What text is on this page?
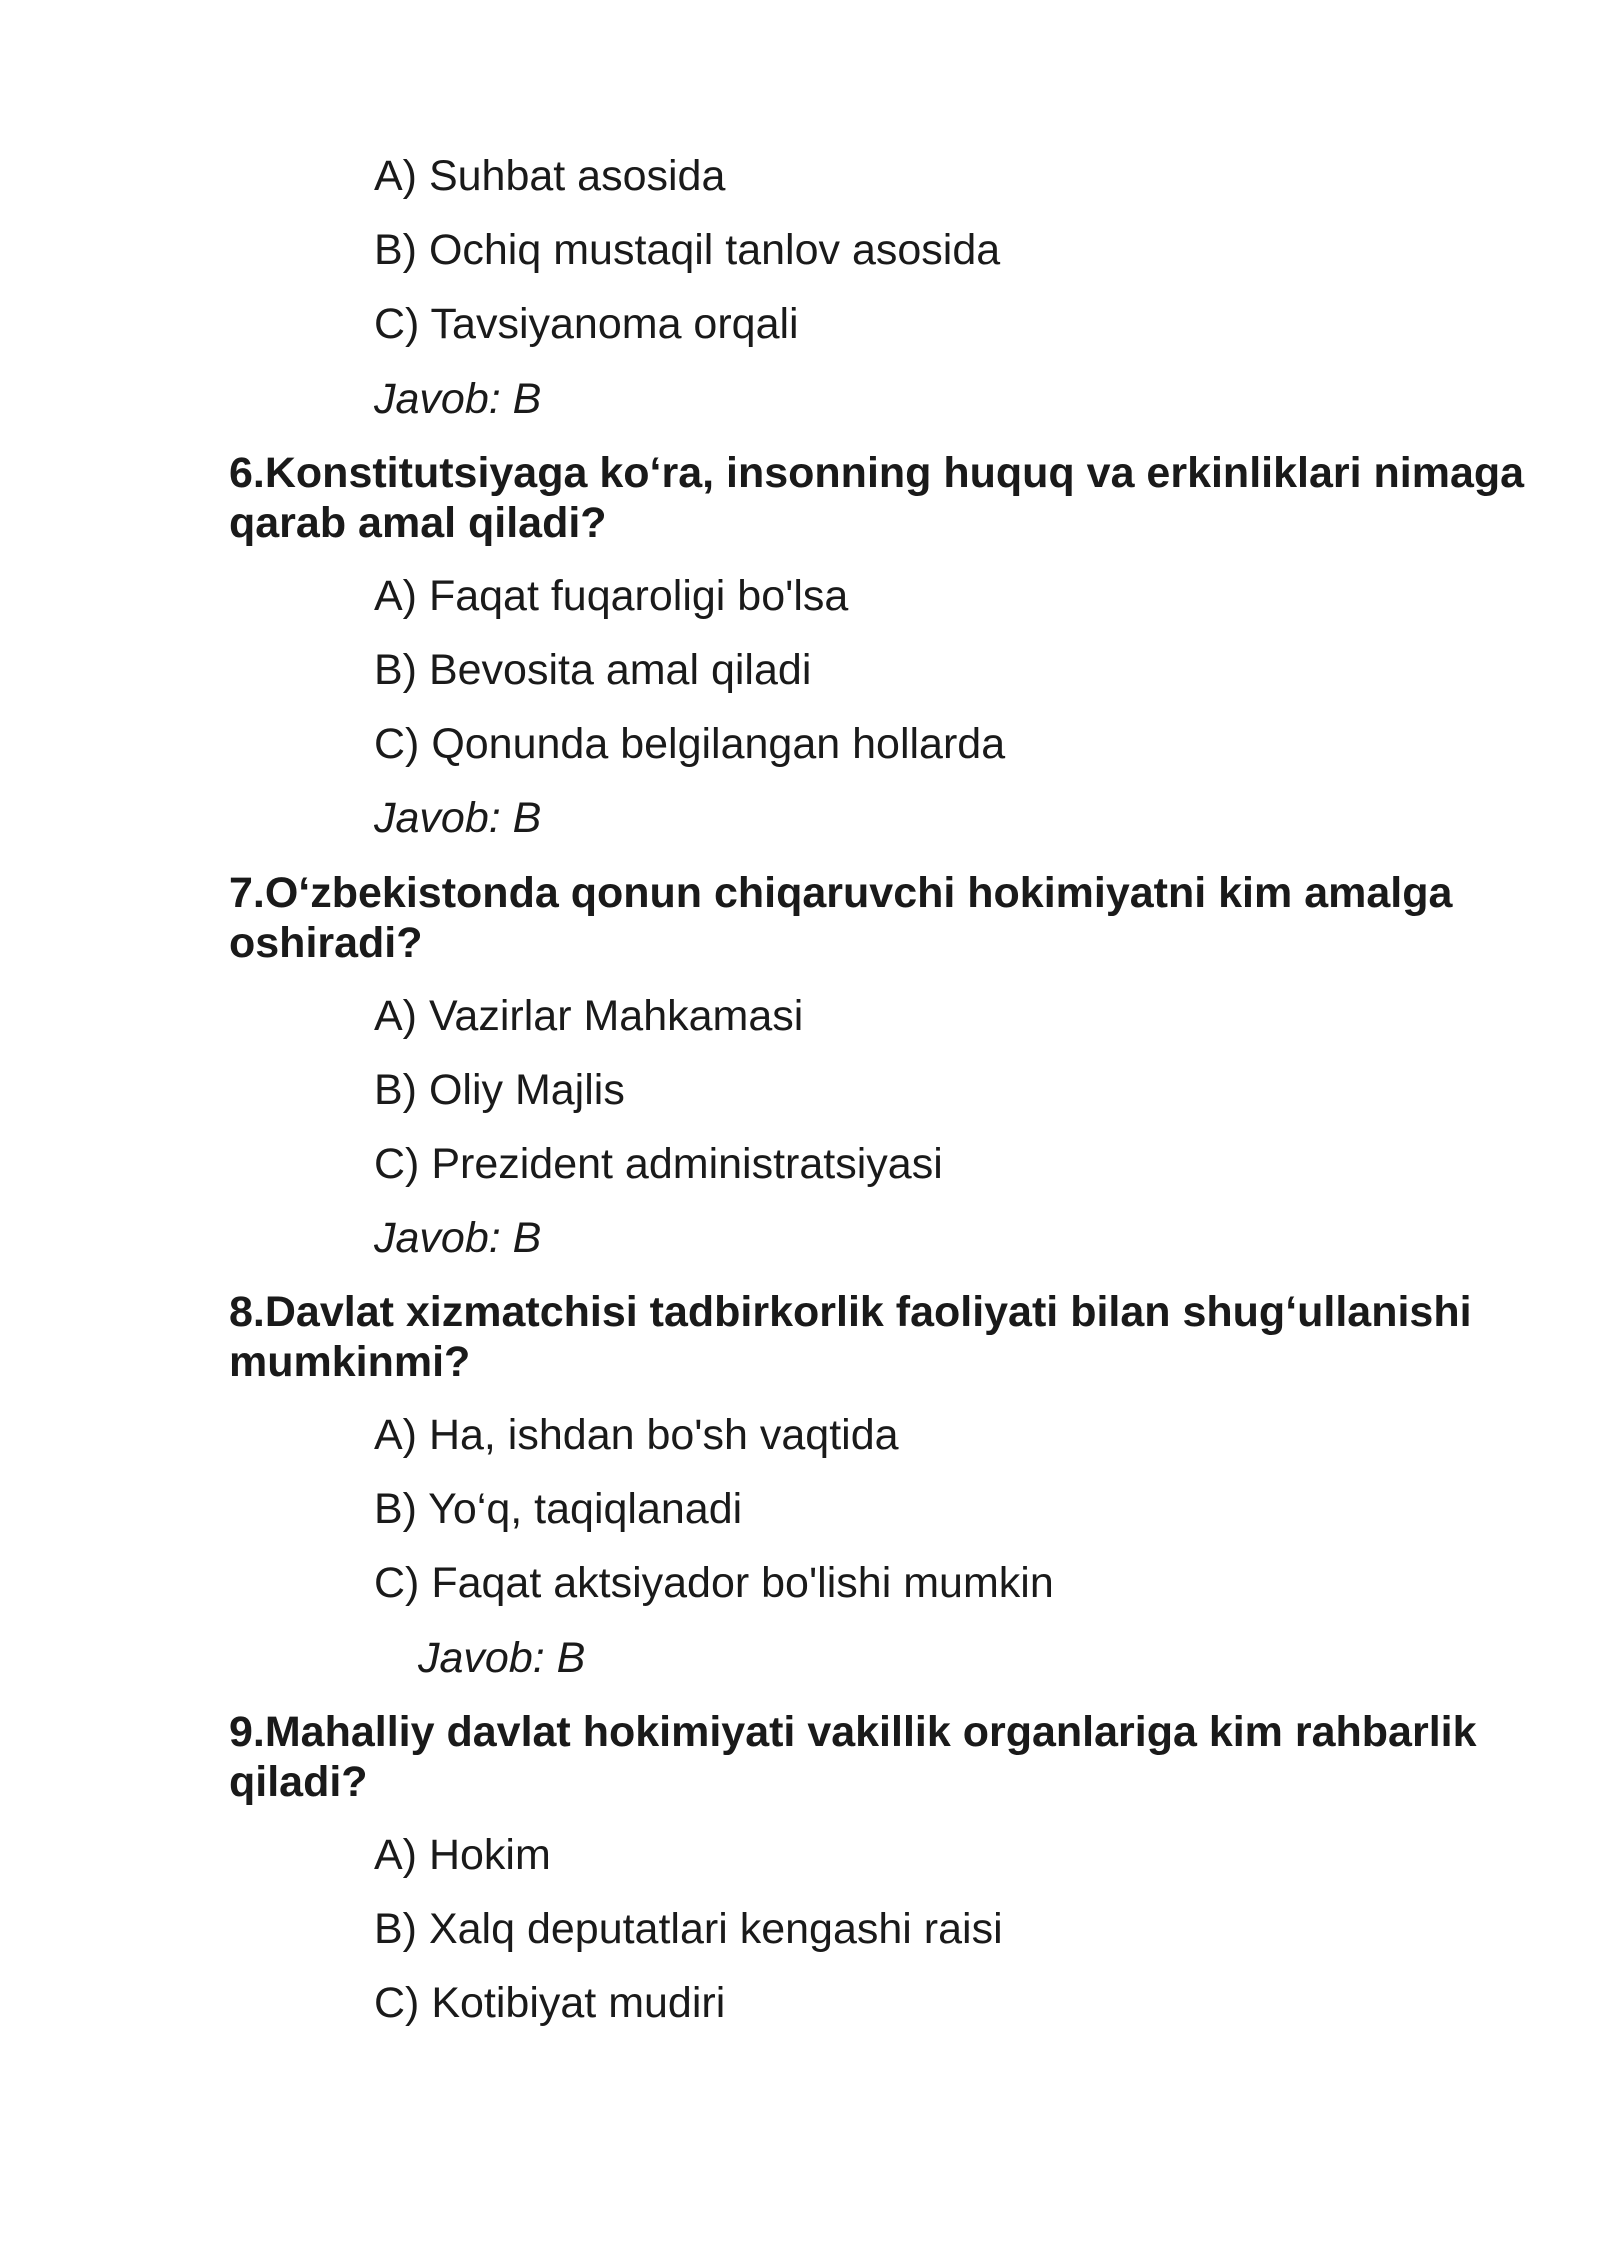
A) Suhbat asosida
B) Ochiq mustaqil tanlov asosida
C) Tavsiyanoma orqali
Javob: B
6.Konstitutsiyaga ko‘ra, insonning huquq va erkinliklari nimaga qarab amal qiladi?
A) Faqat fuqaroligi bo'lsa
B) Bevosita amal qiladi
C) Qonunda belgilangan hollarda
Javob: B
7.O‘zbekistonda qonun chiqaruvchi hokimiyatni kim amalga oshiradi?
A) Vazirlar Mahkamasi
B) Oliy Majlis
C) Prezident administratsiyasi
Javob: B
8.Davlat xizmatchisi tadbirkorlik faoliyati bilan shug‘ullanishi mumkinmi?
A) Ha, ishdan bo'sh vaqtida
B) Yo‘q, taqiqlanadi
C) Faqat aktsiyador bo'lishi mumkin
Javob: B
9.Mahalliy davlat hokimiyati vakillik organlariga kim rahbarlik qiladi?
A) Hokim
B) Xalq deputatlari kengashi raisi
C) Kotibiyat mudiri
